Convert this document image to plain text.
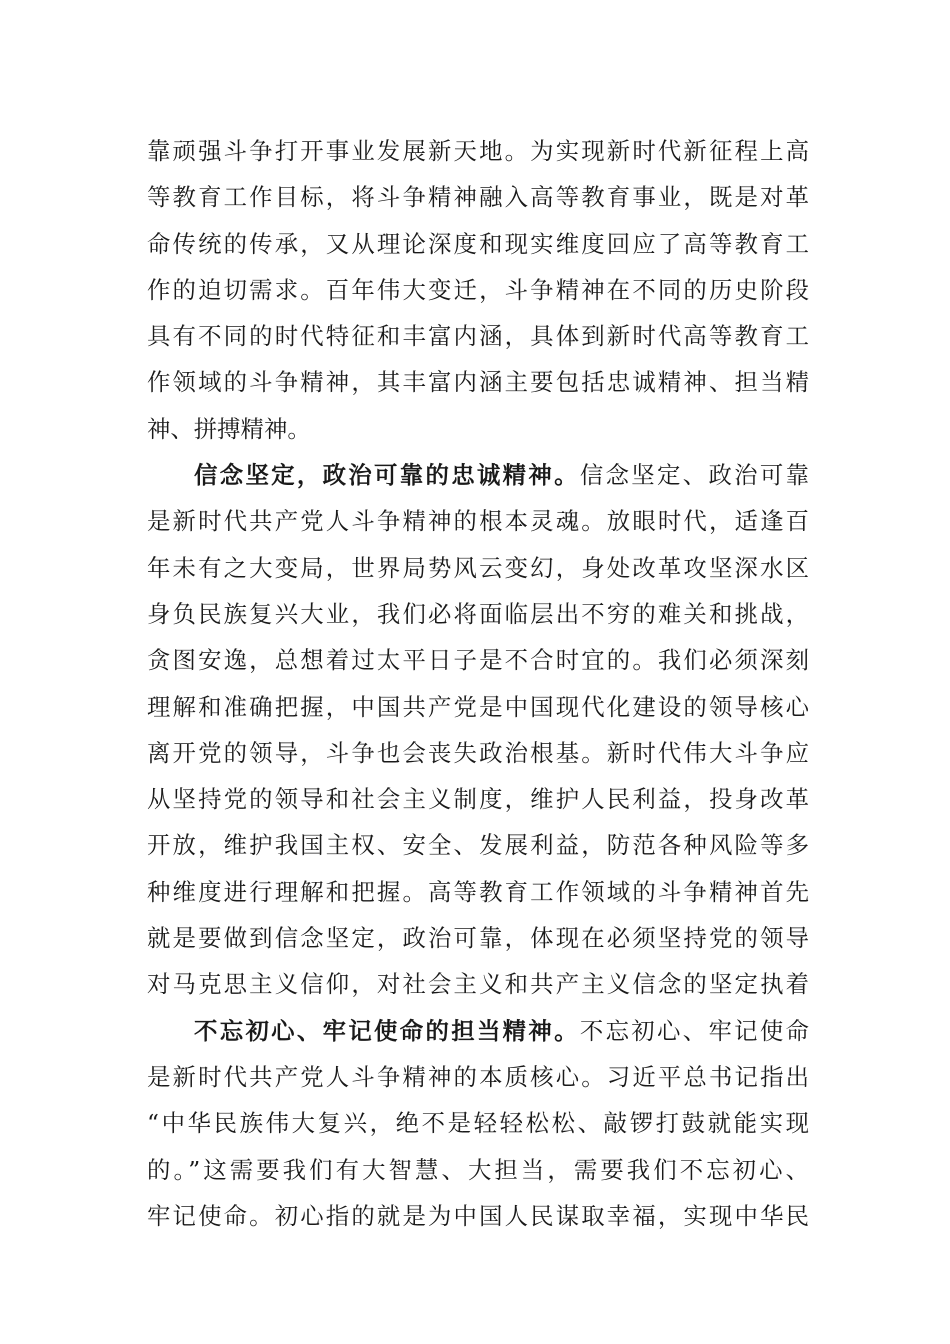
靠顽强斗争打开事业发展新天地。为实现新时代新征程上高
等教育工作目标，将斗争精神融入高等教育事业，既是对革
命传统的传承，又从理论深度和现实维度回应了高等教育工
作的迫切需求。百年伟大变迁，斗争精神在不同的历史阶段
具有不同的时代特征和丰富内涵，具体到新时代高等教育工
作领域的斗争精神，其丰富内涵主要包括忠诚精神、担当精
神、拼搏精神。
信念坚定，政治可靠的忠诚精神。信念坚定、政治可靠
是新时代共产党人斗争精神的根本灵魂。放眼时代，适逢百
年未有之大变局，世界局势风云变幻，身处改革攻坚深水区
身负民族复兴大业，我们必将面临层出不穷的难关和挑战，
贪图安逸，总想着过太平日子是不合时宜的。我们必须深刻
理解和准确把握，中国共产党是中国现代化建设的领导核心
离开党的领导，斗争也会丧失政治根基。新时代伟大斗争应
从坚持党的领导和社会主义制度，维护人民利益，投身改革
开放，维护我国主权、安全、发展利益，防范各种风险等多
种维度进行理解和把握。高等教育工作领域的斗争精神首先
就是要做到信念坚定，政治可靠，体现在必须坚持党的领导
对马克思主义信仰，对社会主义和共产主义信念的坚定执着
不忘初心、牢记使命的担当精神。不忘初心、牢记使命
是新时代共产党人斗争精神的本质核心。习近平总书记指出
“中华民族伟大复兴，绝不是轻轻松松、敲锣打鼓就能实现
的。”这需要我们有大智慧、大担当，需要我们不忘初心、
牢记使命。初心指的就是为中国人民谋取幸福，实现中华民
